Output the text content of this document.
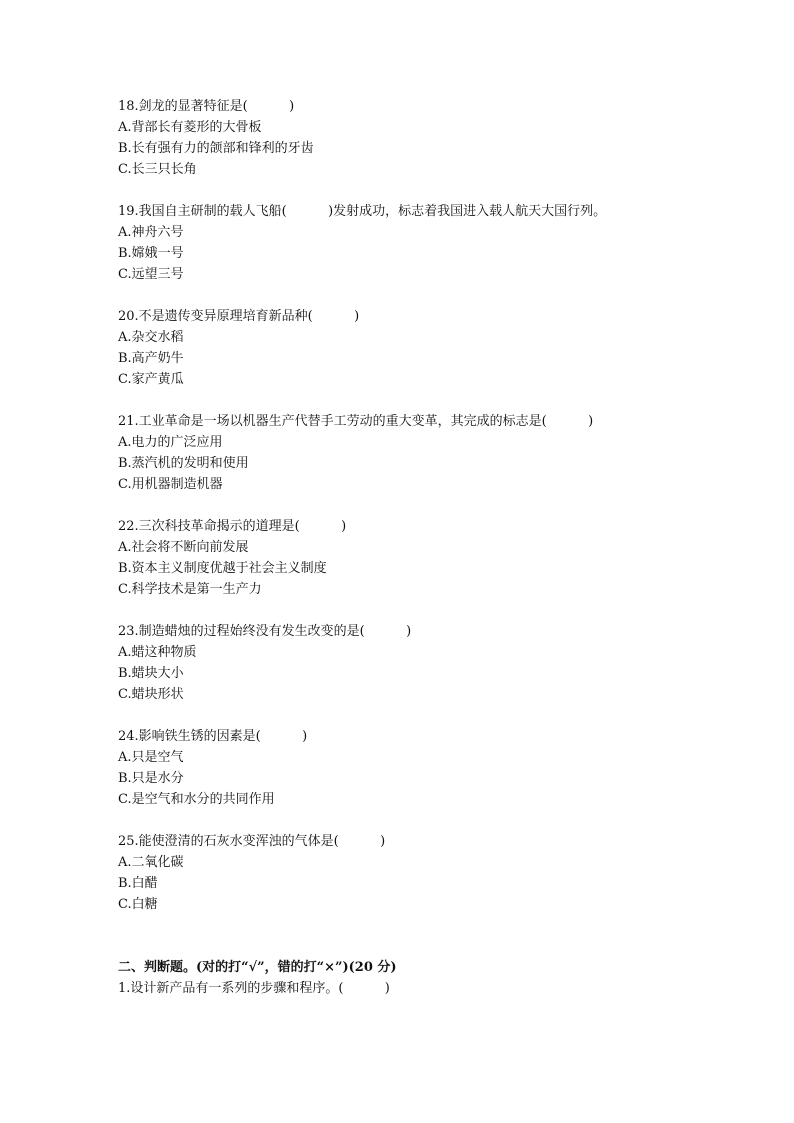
18.剑龙的显著特征是(          )
A.背部长有菱形的大骨板
B.长有强有力的颌部和锋利的牙齿
C.长三只长角
19.我国自主研制的载人飞船(          )发射成功，标志着我国进入载人航天大国行列。
A.神舟六号
B.嫦娥一号
C.远望三号
20.不是遗传变异原理培育新品种(          )
A.杂交水稻
B.高产奶牛
C.家产黄瓜
21.工业革命是一场以机器生产代替手工劳动的重大变革，其完成的标志是(          )
A.电力的广泛应用
B.蒸汽机的发明和使用
C.用机器制造机器
22.三次科技革命揭示的道理是(          )
A.社会将不断向前发展
B.资本主义制度优越于社会主义制度
C.科学技术是第一生产力
23.制造蜡烛的过程始终没有发生改变的是(          )
A.蜡这种物质
B.蜡块大小
C.蜡块形状
24.影响铁生锈的因素是(          )
A.只是空气
B.只是水分
C.是空气和水分的共同作用
25.能使澄清的石灰水变浑浊的气体是(          )
A.二氧化碳
B.白醋
C.白糖
二、判断题。(对的打“√”，错的打“×”)(20 分)
1.设计新产品有一系列的步骤和程序。(          )
